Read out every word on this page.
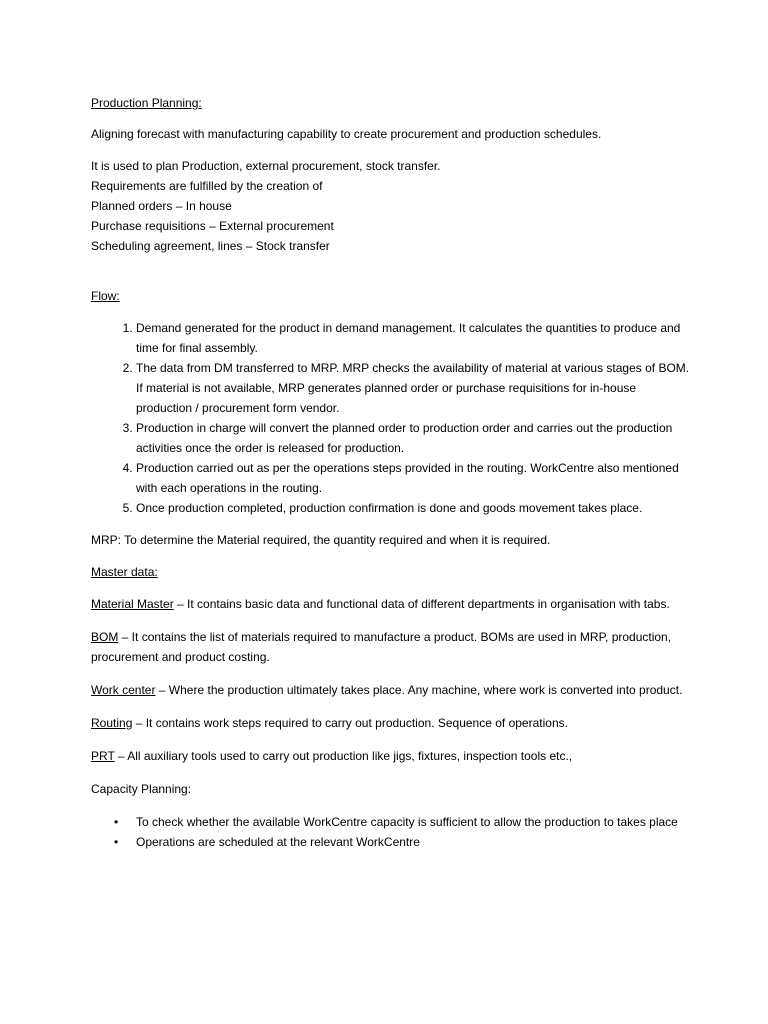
Production Planning:

Aligning forecast with manufacturing capability to create procurement and production schedules.

It is used to plan Production, external procurement, stock transfer.
Requirements are fulfilled by the creation of
Planned orders – In house
Purchase requisitions – External procurement
Scheduling agreement, lines – Stock transfer

Flow:

1. Demand generated for the product in demand management. It calculates the quantities to produce and time for final assembly.
2. The data from DM transferred to MRP. MRP checks the availability of material at various stages of BOM. If material is not available, MRP generates planned order or purchase requisitions for in-house production / procurement form vendor.
3. Production in charge will convert the planned order to production order and carries out the production activities once the order is released for production.
4. Production carried out as per the operations steps provided in the routing. WorkCentre also mentioned with each operations in the routing.
5. Once production completed, production confirmation is done and goods movement takes place.

MRP: To determine the Material required, the quantity required and when it is required.

Master data:

Material Master – It contains basic data and functional data of different departments in organisation with tabs.

BOM – It contains the list of materials required to manufacture a product. BOMs are used in MRP, production, procurement and product costing.

Work center – Where the production ultimately takes place. Any machine, where work is converted into product.

Routing – It contains work steps required to carry out production. Sequence of operations.

PRT – All auxiliary tools used to carry out production like jigs, fixtures, inspection tools etc.,

Capacity Planning:

• To check whether the available WorkCentre capacity is sufficient to allow the production to takes place
• Operations are scheduled at the relevant WorkCentre
